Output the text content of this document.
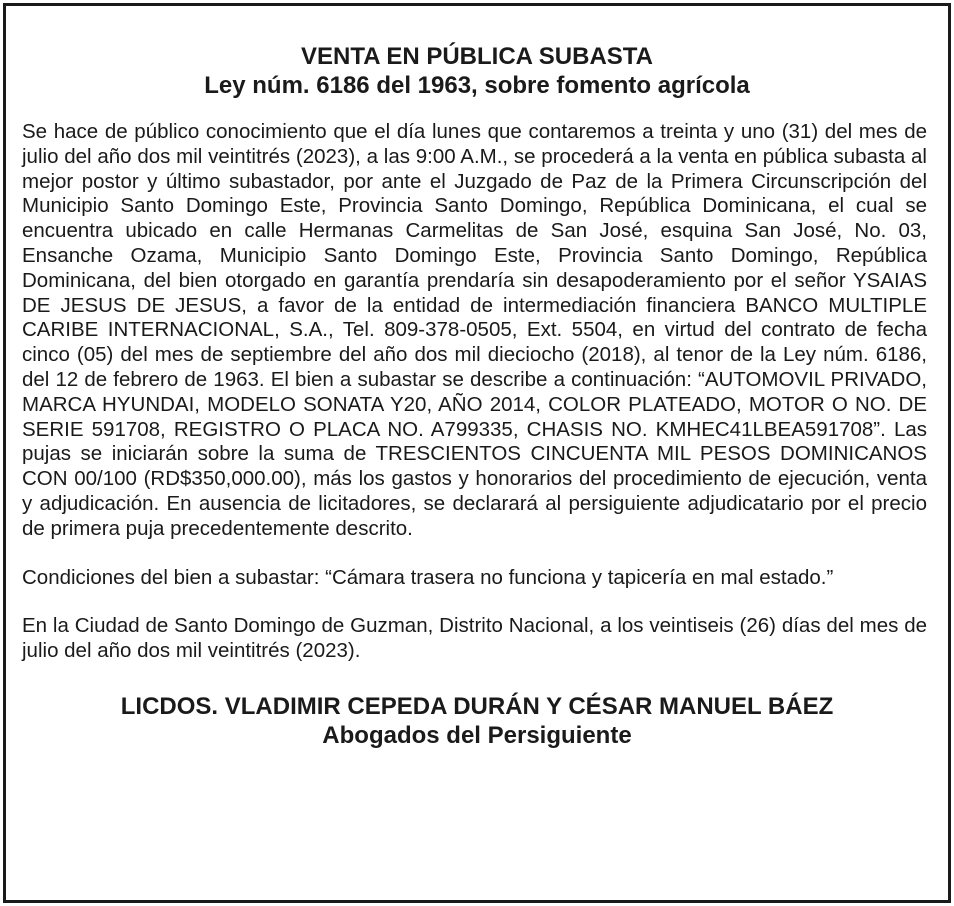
VENTA EN PÚBLICA SUBASTA
Ley núm. 6186 del 1963, sobre fomento agrícola

Se hace de público conocimiento que el día lunes que contaremos a treinta y uno (31) del mes de julio del año dos mil veintitrés (2023), a las 9:00 A.M., se procederá a la venta en pública subasta al mejor postor y último subastador, por ante el Juzgado de Paz de la Primera Circunscripción del Municipio Santo Domingo Este, Provincia Santo Domingo, República Dominicana, el cual se encuentra ubicado en calle Hermanas Carmelitas de San José, esquina San José, No. 03, Ensanche Ozama, Municipio Santo Domingo Este, Provincia Santo Domingo, República Dominicana, del bien otorgado en garantía prendaría sin desapoderamiento por el señor YSAIAS DE JESUS DE JESUS, a favor de la entidad de intermediación financiera BANCO MULTIPLE CARIBE INTERNACIONAL, S.A., Tel. 809-378-0505, Ext. 5504, en virtud del contrato de fecha cinco (05) del mes de septiembre del año dos mil dieciocho (2018), al tenor de la Ley núm. 6186, del 12 de febrero de 1963. El bien a subastar se describe a continuación: “AUTOMOVIL PRIVADO, MARCA HYUNDAI, MODELO SONATA Y20, AÑO 2014, COLOR PLATEADO, MOTOR O NO. DE SERIE 591708, REGISTRO O PLACA NO. A799335, CHASIS NO. KMHEC41LBEA591708”. Las pujas se iniciarán sobre la suma de TRESCIENTOS CINCUENTA MIL PESOS DOMINICANOS CON 00/100 (RD$350,000.00), más los gastos y honorarios del procedimiento de ejecución, venta y adjudicación. En ausencia de licitadores, se declarará al persiguiente adjudicatario por el precio de primera puja precedentemente descrito.

Condiciones del bien a subastar: “Cámara trasera no funciona y tapicería en mal estado.”

En la Ciudad de Santo Domingo de Guzman, Distrito Nacional, a los veintiseis (26) días del mes de julio del año dos mil veintitrés (2023).

LICDOS. VLADIMIR CEPEDA DURÁN Y CÉSAR MANUEL BÁEZ
Abogados del Persiguiente
